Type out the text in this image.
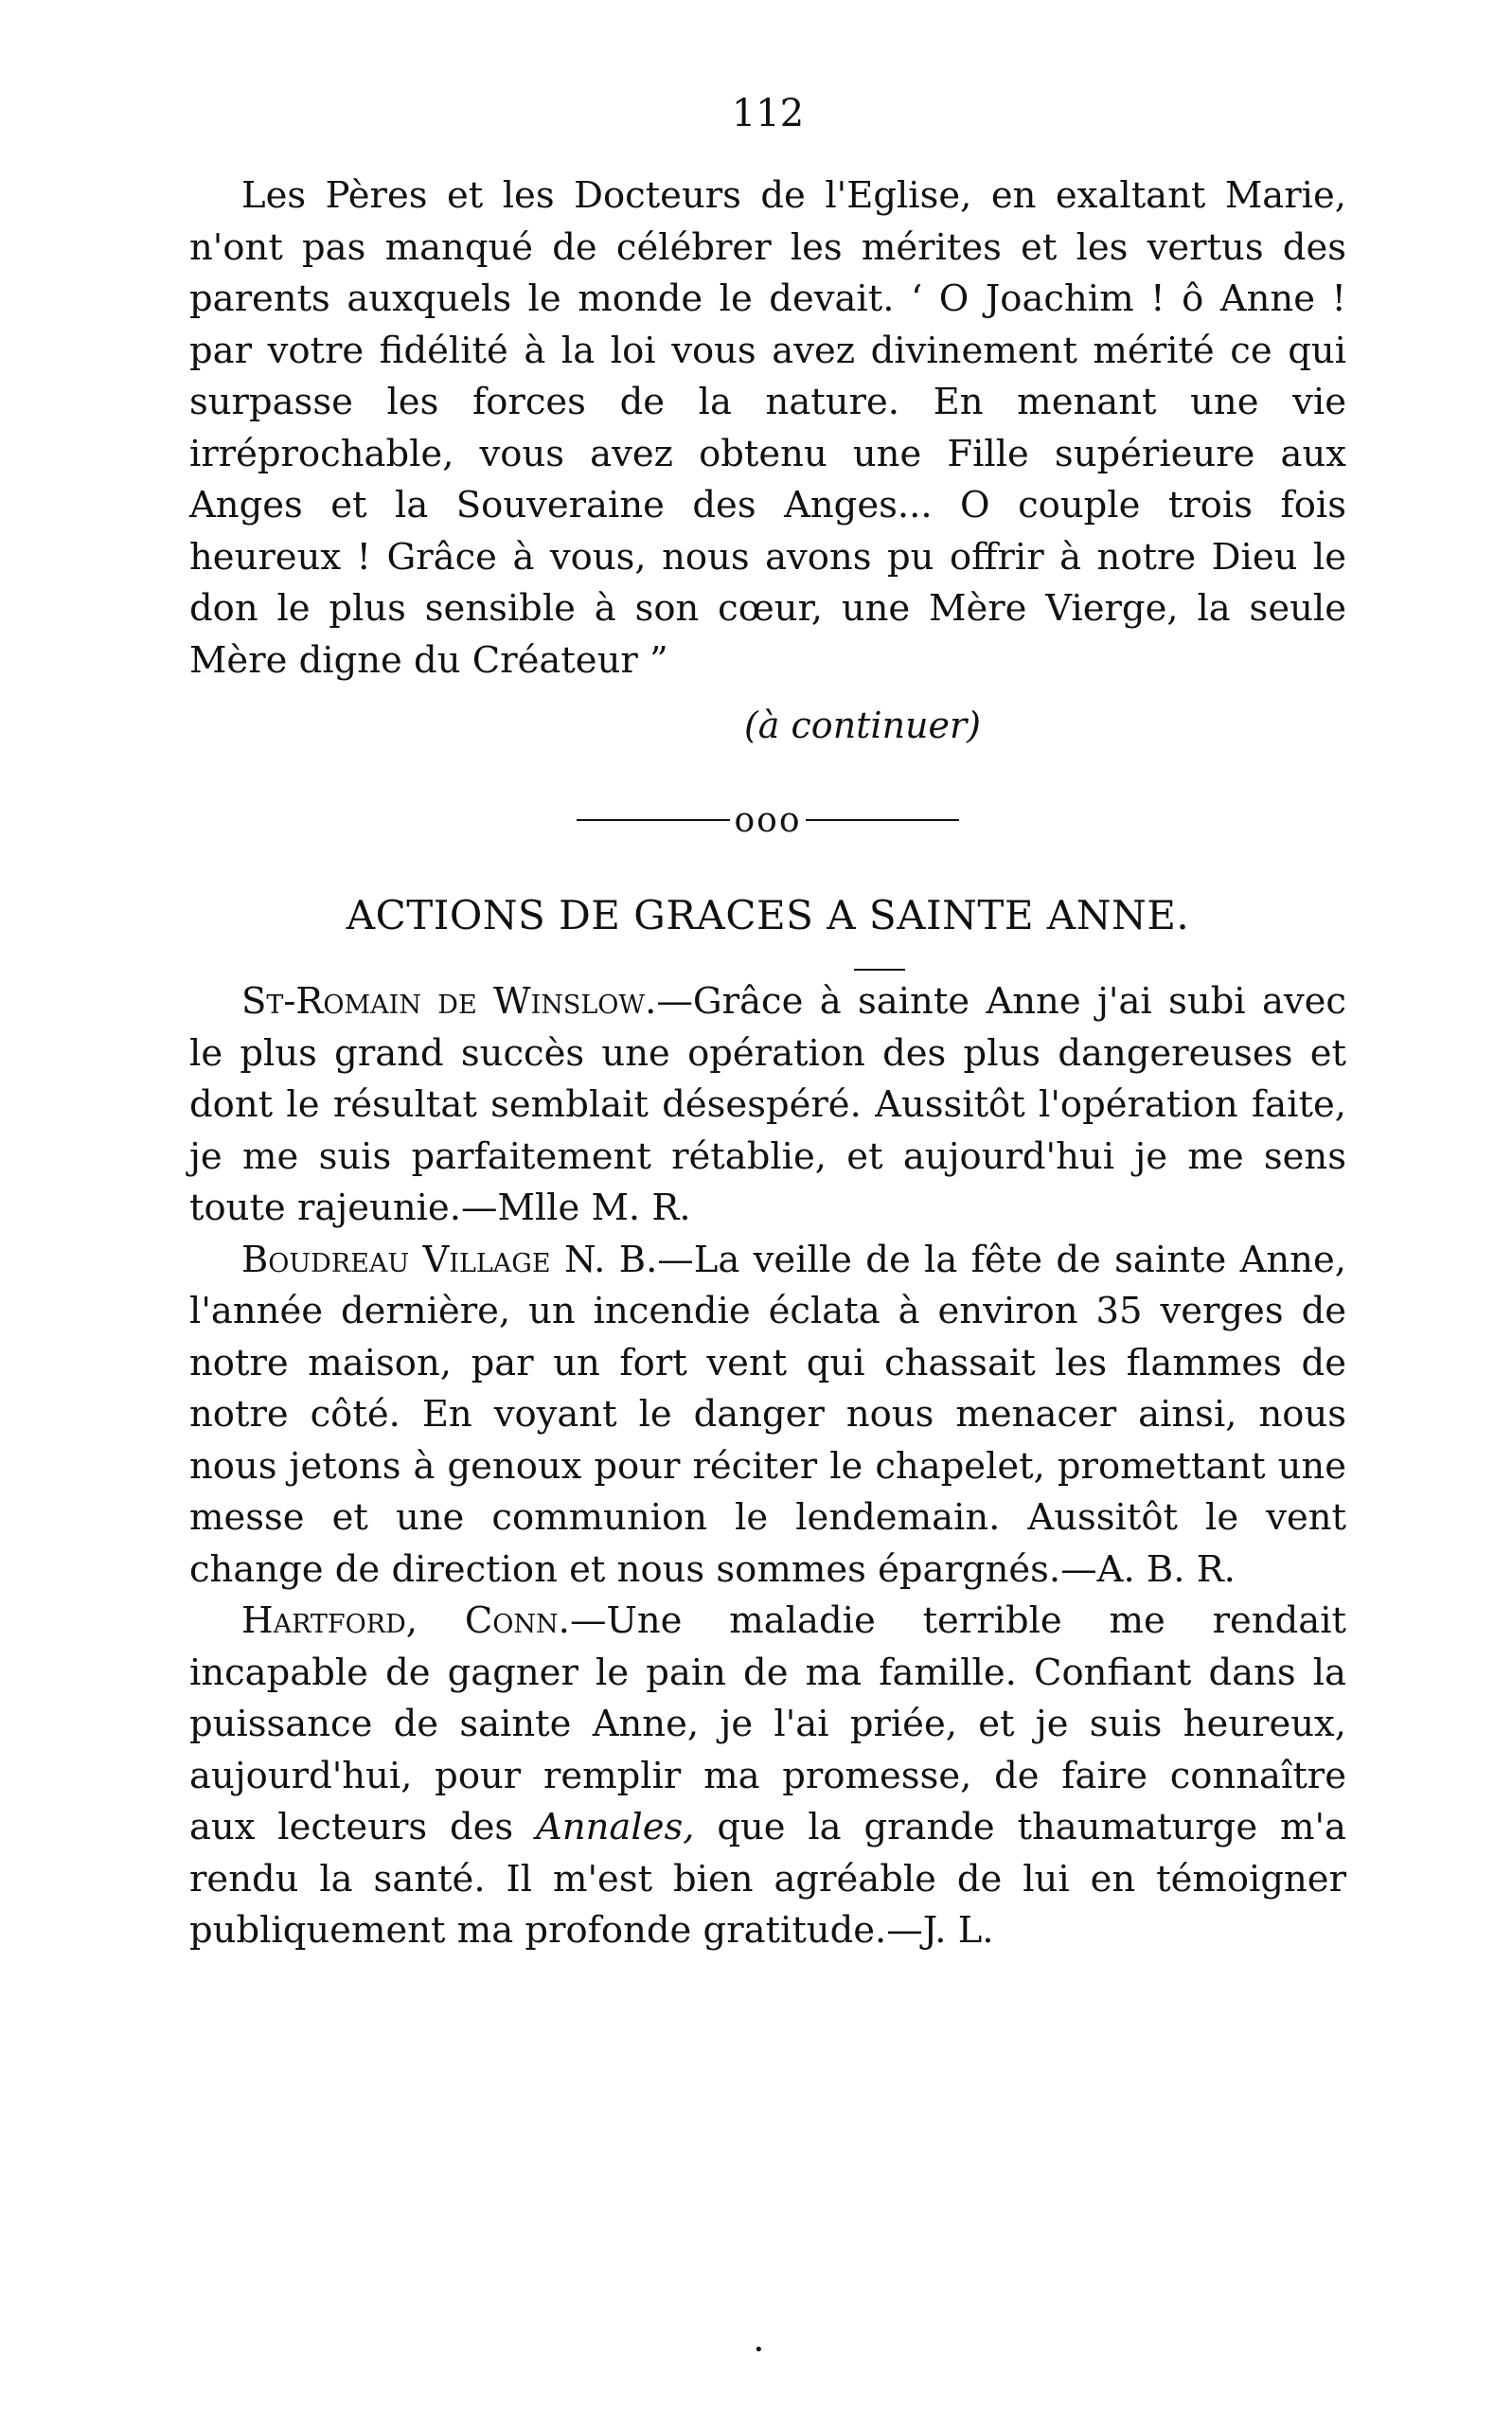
112

Les Pères et les Docteurs de l'Eglise, en exaltant Marie, n'ont pas manqué de célébrer les mérites et les vertus des parents auxquels le monde le devait. ‘ O Joachim ! ô Anne ! par votre fidélité à la loi vous avez divinement mérité ce qui surpasse les forces de la nature. En menant une vie irréprochable, vous avez obtenu une Fille supérieure aux Anges et la Souveraine des Anges... O couple trois fois heureux ! Grâce à vous, nous avons pu offrir à notre Dieu le don le plus sensible à son cœur, une Mère Vierge, la seule Mère digne du Créateur ”

(à continuer)
ooo
ACTIONS DE GRACES A SAINTE ANNE.

St-Romain de Winslow.—Grâce à sainte Anne j'ai subi avec le plus grand succès une opération des plus dangereuses et dont le résultat semblait désespéré. Aussitôt l'opération faite, je me suis parfaitement rétablie, et aujourd'hui je me sens toute rajeunie.—Mlle M. R.

Boudreau Village N. B.—La veille de la fête de sainte Anne, l'année dernière, un incendie éclata à environ 35 verges de notre maison, par un fort vent qui chassait les flammes de notre côté. En voyant le danger nous menacer ainsi, nous nous jetons à genoux pour réciter le chapelet, promettant une messe et une communion le lendemain. Aussitôt le vent change de direction et nous sommes épargnés.—A. B. R.

Hartford, Conn.—Une maladie terrible me rendait incapable de gagner le pain de ma famille. Confiant dans la puissance de sainte Anne, je l'ai priée, et je suis heureux, aujourd'hui, pour remplir ma promesse, de faire connaître aux lecteurs des Annales, que la grande thaumaturge m'a rendu la santé. Il m'est bien agréable de lui en témoigner publiquement ma profonde gratitude.—J. L.

•
